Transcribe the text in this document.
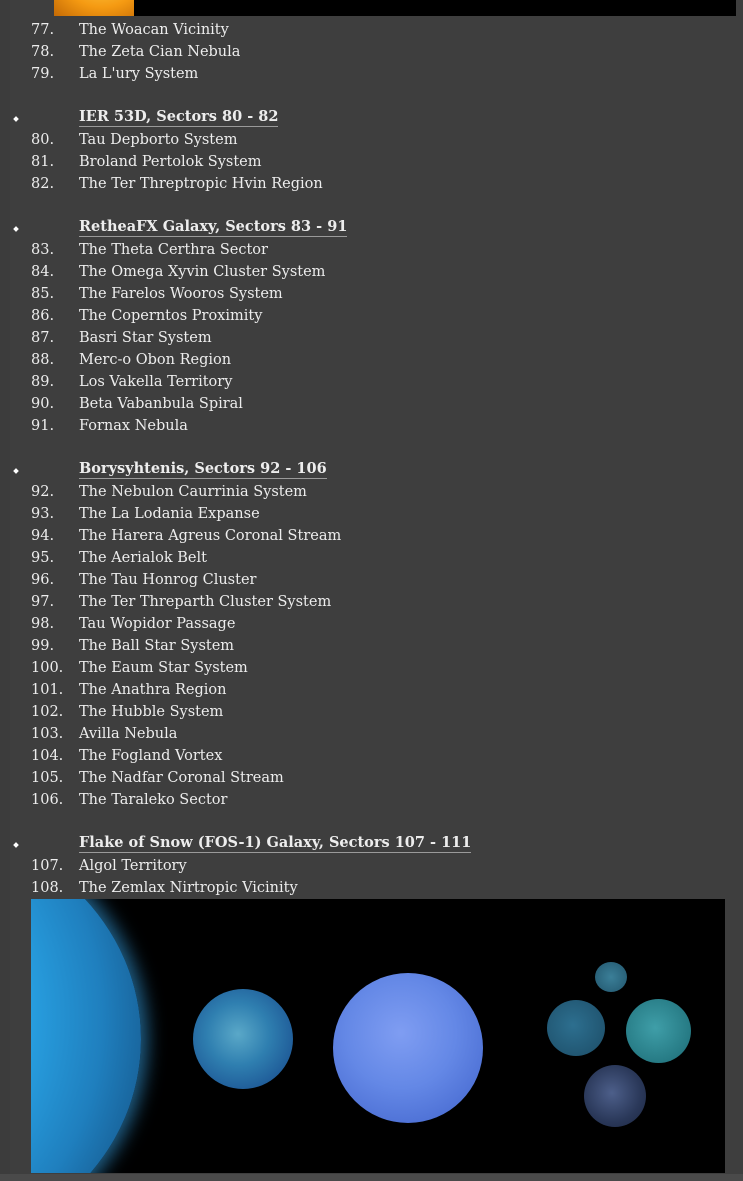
77. The Woacan Vicinity
78. The Zeta Cian Nebula
79. La L'ury System
IER 53D, Sectors 80 - 82
80. Tau Depborto System
81. Broland Pertolok System
82. The Ter Threptropic Hvin Region
RetheaFX Galaxy, Sectors 83 - 91
83. The Theta Certhra Sector
84. The Omega Xyvin Cluster System
85. The Farelos Wooros System
86. The Coperntos Proximity
87. Basri Star System
88. Merc-o Obon Region
89. Los Vakella Territory
90. Beta Vabanbula Spiral
91. Fornax Nebula
Borysyhtenis, Sectors 92 - 106
92. The Nebulon Caurrinia System
93. The La Lodania Expanse
94. The Harera Agreus Coronal Stream
95. The Aerialok Belt
96. The Tau Honrog Cluster
97. The Ter Threparth Cluster System
98. Tau Wopidor Passage
99. The Ball Star System
100. The Eaum Star System
101. The Anathra Region
102. The Hubble System
103. Avilla Nebula
104. The Fogland Vortex
105. The Nadfar Coronal Stream
106. The Taraleko Sector
Flake of Snow (FOS-1) Galaxy, Sectors 107 - 111
107. Algol Territory
108. The Zemlax Nirtropic Vicinity
